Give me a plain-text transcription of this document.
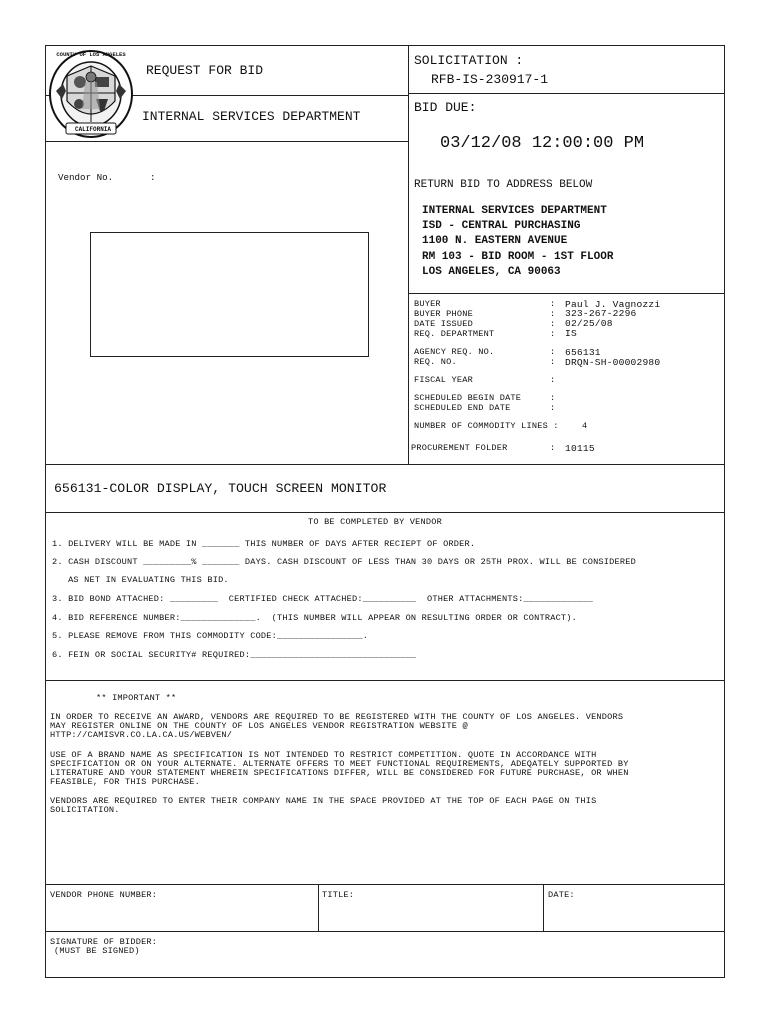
COUNTY OF LOS ANGELES
CALIFORNIA
REQUEST FOR BID
INTERNAL SERVICES DEPARTMENT
SOLICITATION :
RFB-IS-230917-1
BID DUE:
03/12/08 12:00:00 PM
Vendor No.	:
RETURN BID TO ADDRESS BELOW
INTERNAL SERVICES DEPARTMENT
ISD - CENTRAL PURCHASING
1100 N. EASTERN AVENUE
RM 103 - BID ROOM - 1ST FLOOR
LOS ANGELES, CA 90063
BUYER	: Paul J. Vagnozzi
BUYER PHONE	: 323-267-2296
DATE ISSUED	: 02/25/08
REQ. DEPARTMENT	: IS
AGENCY REQ. NO.	: 656131
REQ. NO.	: DRQN-SH-00002980
FISCAL YEAR	:
SCHEDULED BEGIN DATE	:
SCHEDULED END DATE	:
NUMBER OF COMMODITY LINES :	4
PROCUREMENT FOLDER	: 10115
656131-COLOR DISPLAY, TOUCH SCREEN MONITOR
TO BE COMPLETED BY VENDOR
1. DELIVERY WILL BE MADE IN _______ THIS NUMBER OF DAYS AFTER RECIEPT OF ORDER.
2. CASH DISCOUNT _________% _______ DAYS. CASH DISCOUNT OF LESS THAN 30 DAYS OR 25TH PROX. WILL BE CONSIDERED
AS NET IN EVALUATING THIS BID.
3. BID BOND ATTACHED: _________  CERTIFIED CHECK ATTACHED:__________  OTHER ATTACHMENTS:_____________
4. BID REFERENCE NUMBER:______________.  (THIS NUMBER WILL APPEAR ON RESULTING ORDER OR CONTRACT).
5. PLEASE REMOVE FROM THIS COMMODITY CODE:________________.
6. FEIN OR SOCIAL SECURITY# REQUIRED:_______________________________
** IMPORTANT **
IN ORDER TO RECEIVE AN AWARD, VENDORS ARE REQUIRED TO BE REGISTERED WITH THE COUNTY OF LOS ANGELES. VENDORS
MAY REGISTER ONLINE ON THE COUNTY OF LOS ANGELES VENDOR REGISTRATION WEBSITE @
HTTP://CAMISVR.CO.LA.CA.US/WEBVEN/
USE OF A BRAND NAME AS SPECIFICATION IS NOT INTENDED TO RESTRICT COMPETITION. QUOTE IN ACCORDANCE WITH
SPECIFICATION OR ON YOUR ALTERNATE. ALTERNATE OFFERS TO MEET FUNCTIONAL REQUIREMENTS, ADEQATELY SUPPORTED BY
LITERATURE AND YOUR STATEMENT WHEREIN SPECIFICATIONS DIFFER, WILL BE CONSIDERED FOR FUTURE PURCHASE, OR WHEN
FEASIBLE, FOR THIS PURCHASE.
VENDORS ARE REQUIRED TO ENTER THEIR COMPANY NAME IN THE SPACE PROVIDED AT THE TOP OF EACH PAGE ON THIS
SOLICITATION.
VENDOR PHONE NUMBER:	TITLE:	DATE:
SIGNATURE OF BIDDER:
(MUST BE SIGNED)
